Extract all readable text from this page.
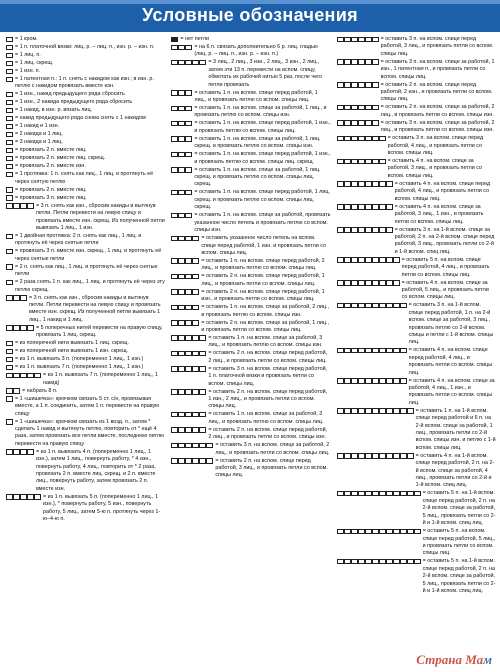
Условные обозначения
= 1 кром.
= 1 п. платочной вязки: лиц. р. – лиц. п., изн. р. – изн. п.
= 1 лиц. п.
= 1 лиц. скрещ.
= 1 изн. п.
= 1 патентная п.: 1 п. снять с накидом как изн.; в изн. р. петлю с накидом провязать вместе изн.
= 1 изн., накид предыдущего ряда сбросить
= 1 изн., 2 накида предыдущего ряда сбросить
= 1 накид, в изн. р. вязать лиц.
= накид предыдущего ряда снова снять с 1 накидом
= 1 накид и 1 изн.
= 2 накида и 1 лиц.
= 3 накида и 1 лиц.
= провязать 2 п. вместе лиц.
= провязать 2 п. вместе лиц. скрещ.
= провязать 2 п. вместе изн.
= 1 протяжка: 1 п. снять как лиц., 1 лиц. и протянуть её через снятую петлю
= провязать 2 п. вместе лиц.
= провязать 3 п. вместе лиц.
= 3 п. снять как изн., сбросив накиды и вытянув петли. Петли перевести на левую спицу и провязать вместе изн. скрещ. Из полученной петли вывязать 1 лиц., 1 изн.
= 1 двойная протяжка: 2 п. снять как лиц., 1 лиц. и протянуть её через снятые петли
= провязать 3 п. вместе изн. скрещ., 1 лиц. и протянуть её через снятые петли
= 2 п. снять как лиц., 1 лиц. и протянуть её через снятые петли
= 2 раза снять 1 п. как лиц., 1 лиц. и протянуть её через эту петлю скрещ.
= 3 п. снять как изн., сбросив накиды и вытянув петли. Петли перевести на левую спицу и провязать вместе изн. скрещ. Из полученной петли вывязать 1 лиц., 1 накид и 1 лиц.
= 5 поперечных нитей перевести на правую спицу, провязать 1 лиц. скрещ.
= из поперечной нити вывязать 1 лиц. скрещ.
= из поперечной нити вывязать 1 изн. скрещ.
= из 1 п. вывязать 3 п. (попеременно 1 лиц., 1 изн.)
= из 1 п. вывязать 7 п. (попеременно 1 лиц., 1 изн.)
= из 1 п. вывязать 7 п. (попеременно 1 лиц., 1 накид)
= набрать 8 п.
= 1 «шишечка»: крючком связать 5 ст. с/н, провязывая вместе, а 1 п. соединить, затем 1 п. перевести на правую спицу
= 1 «шишечка»: крючком связать из 1 возд. п., затем * сделать 1 накид и вытянуть петлю, повторить от * ещё 4 раза, затем провязать все петли вместе, последнюю петлю перевести на правую спицу
= из 1 п. вывязать 4 п. (попеременно 1 лиц., 1 изн.), затем 1 лиц., повернуть работу, * 4 изн., повернуть работу, 4 лиц., повторить от * 2 раза, провязать 2 п. вместе лиц. скрещ. и 2 п. вместе лиц., повернуть работу, затем провязать 2 п. вместе изн.
= из 1 п. вывязать 5 п. (попеременно 1 лиц., 1 изн.), * повернуть работу, 5 изн., повернуть работу, 5 лиц., затем 5-ю п. протянуть через 1-ю–4-ю п.
= нет петли
= на 6 п. связать дополнительно 6 р. лиц. гладью (лиц. р. – лиц. п., изн. р. – изн. п.)
= 3 лиц., 2 лиц., 3 изн., 2 лиц., 3 изн., 2 лиц., затем эти 13 п. перевести на вспом. спицу, обмотать их рабочей нитью 5 раз, после чего петли провязать
= оставить 1 п. на вспом. спице перед работой, 1 лиц., и провязать петлю со вспом. спицы лиц.
= оставить 1 п. на вспом. спице за работой, 1 лиц., и провязать петлю со вспом. спицы изн.
= оставить 1 п. на вспом. спице перед работой, 1 изн., и провязать петлю со вспом. спицы лиц.
= оставить 1 п. на вспом. спице за работой, 1 лиц. скрещ. и провязать петлю со вспом. спицы изн.
= оставить 1 п. на вспом. спице перед работой, 1 изн., и провязать петлю со вспом. спицы лиц. скрещ.
= оставить 1 п. на вспом. спице за работой, 1 лиц. скрещ. и провязать петлю со вспом. спицы лиц. скрещ.
= оставить 1 п. на вспом. спице перед работой, 1 лиц. скрещ. и провязать петлю со вспом. спицы лиц. скрещ.
= оставить 1 п. на вспом. спице за работой, провязать указанное число петель и провязать петлю со вспом. спицы изн.
= оставить указанное число петель на вспом. спице перед работой, 1 изн. и провязать петли со вспом. спицы лиц.
= оставить 1 п. на вспом. спице перед работой, 2 лиц., и провязать петлю со вспом. спицы лиц.
= оставить 2 п. на вспом. спице перед работой, 1 лиц., и провязать петли со вспом. спицы лиц.
= оставить 2 п. на вспом. спице перед работой, 1 изн., и провязать петли со вспом. спицы лиц.
= оставить 1 п. на вспом. спице за работой, 2 лиц., и провязать петлю со вспом. спицы изн.
= оставить 2 п. на вспом. спице за работой, 1 лиц., и провязать петли со вспом. спицы лиц.
= оставить 1 п. на вспом. спице за работой, 3 лиц., и провязать петлю со вспом. спицы изн.
= оставить 2 п. на вспом. спице перед работой, 2 лиц., и провязать петли со вспом. спицы лиц.
= оставить 3 п. на вспом. спице перед работой, 1 п. платочной вязки и провязать петли со вспом. спицы лиц.
= оставить 2 п. на вспом. спице перед работой, 1 изн., 2 лиц., и провязать петли со вспом. спицы лиц.
= оставить 1 п. на вспом. спице за работой, 3 лиц., и провязать петлю со вспом. спицы лиц.
= оставить 2 п. на вспом. спице перед работой, 2 лиц., и провязать петли со вспом. спицы изн.
= оставить 3 п. на вспом. спице за работой, 2 лиц., и провязать петли со вспом. спицы лиц.
= оставить 2 п. на вспом. спице перед работой, 3 лиц., и провязать петли со вспом. спицы лиц.
= оставить 3 п. на вспом. спице перед работой, 3 лиц., и провязать петли со вспом. спицы лиц.
= оставить 3 п. на вспом. спице за работой, 1 изн., 1 патентная п., и провязать петли со вспом. спицы лиц.
= оставить 2 п. на вспом. спице перед работой, 2 изн., и провязать петли со вспом. спицы лиц.
= оставить 2 п. на вспом. спице за работой, 2 лиц., и провязать петли со вспом. спицы изн.
= оставить 3 п. на вспом. спице за работой, 2 лиц., и провязать петли со вспом. спицы изн.
= оставить 3 п. на вспом. спице перед работой, 4 лиц., и провязать петли со вспом. спицы лиц.
= оставить 4 п. на вспом. спице за работой, 3 лиц., и провязать петли со вспом. спицы лиц.
= оставить 4 п. на вспом. спице перед работой, 4 лиц., и провязать петли со вспом. спицы лиц.
= оставить 4 п. на вспом. спице за работой, 3 лиц., 1 изн., и провязать петли со вспом. спицы лиц.
= оставить 3 п. на 1-й вспом. спице за работой, 2 п. на 2-й вспом. спице перед работой, 3 лиц., провязать петли со 2-й и 1-й вспом. спиц лиц.
= оставить 5 п. на вспом. спице перед работой, 4 лиц., и провязать петли со вспом. спицы лиц.
= оставить 4 п. на вспом. спице за работой, 5 лиц., и провязать петли со вспом. спицы лиц.
= оставить 3 п. на 1-й вспом. спице перед работой, 1 п. на 2-й вспом. спице за работой, 3 лиц., провязать петлю со 2-й вспом. спицы и петли с 1-й вспом. спицы лиц.
= оставить 4 п. на вспом. спице перед работой, 4 лиц., и провязать петли со вспом. спицы лиц.
= оставить 4 п. на вспом. спице за работой, 4 лиц., 1 изн., и провязать петли со вспом. спицы лиц.
= оставить 1 п. на 1-й вспом. спице перед работой и 6 п. на 2-й вспом. спице за работой, 1 лиц., провязать петли со 2-й вспом. спицы изн. и петлю с 1-й вспом. спицы лиц.
= оставить 4 п. на 1-й вспом. спице перед работой, 2 п. на 2-й вспом. спице за работой, 4 лиц., провязать петли со 2-й и 1-й вспом. спиц лиц.
= оставить 5 п. на 1-й вспом. спице перед работой, 2 п. на 2-й вспом. спице за работой, 5 лиц., провязать петли со 2-й и 1-й вспом. спиц лиц.
= оставить 5 п. на вспом. спице перед работой, 5 лиц., и провязать петли со вспом. спицы лиц.
= оставить 5 п. на 1-й вспом. спице перед работой, 2 п. на 2-й вспом. спице за работой, 5 лиц., провязать петли со 2-й и 1-й вспом. спиц лиц.
Страна Мам
